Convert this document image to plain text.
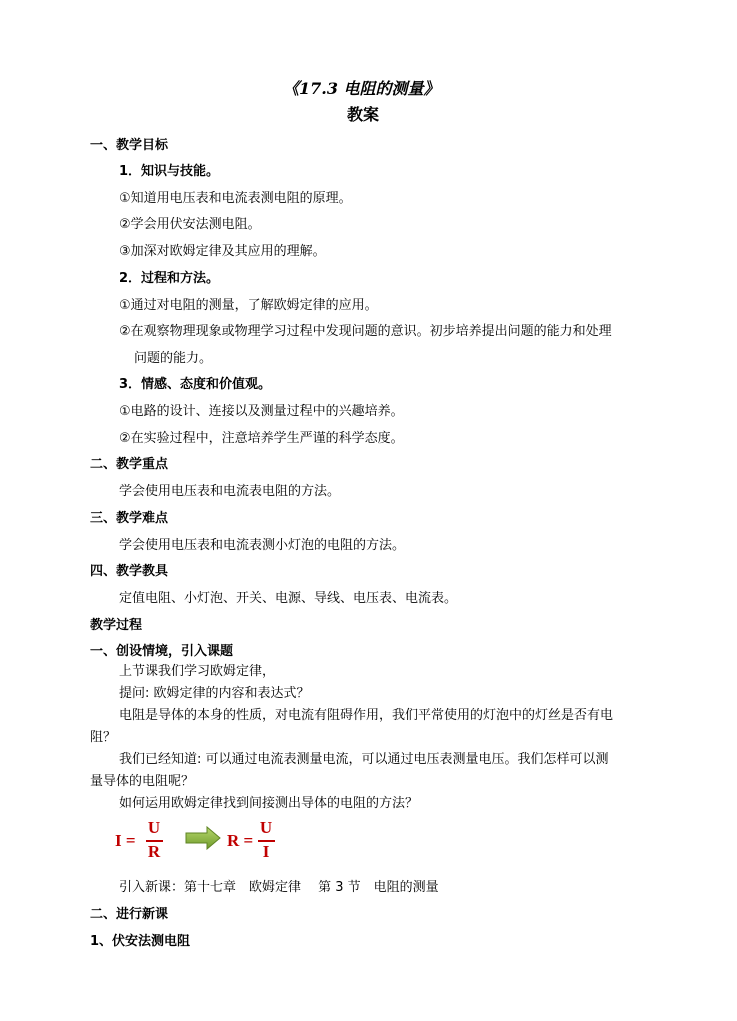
《17.3 电阻的测量》
教案
一、教学目标
1．知识与技能。
①知道用电压表和电流表测电阻的原理。
②学会用伏安法测电阻。
③加深对欧姆定律及其应用的理解。
2．过程和方法。
①通过对电阻的测量，了解欧姆定律的应用。
②在观察物理现象或物理学习过程中发现问题的意识。初步培养提出问题的能力和处理
问题的能力。
3．情感、态度和价值观。
①电路的设计、连接以及测量过程中的兴趣培养。
②在实验过程中，注意培养学生严谨的科学态度。
二、教学重点
学会使用电压表和电流表电阻的方法。
三、教学难点
学会使用电压表和电流表测小灯泡的电阻的方法。
四、教学教具
定值电阻、小灯泡、开关、电源、导线、电压表、电流表。
教学过程
一、创设情境，引入课题
上节课我们学习欧姆定律，
提问: 欧姆定律的内容和表达式？
电阻是导体的本身的性质，对电流有阻碍作用，我们平常使用的灯泡中的灯丝是否有电
阻？
我们已经知道: 可以通过电流表测量电流，可以通过电压表测量电压。我们怎样可以测
量导体的电阻呢？
如何运用欧姆定律找到间接测出导体的电阻的方法？
I =
U
R
R =
U
I
引入新课：第十七章　欧姆定律　 第 3 节　电阻的测量
二、进行新课
1、伏安法测电阻
